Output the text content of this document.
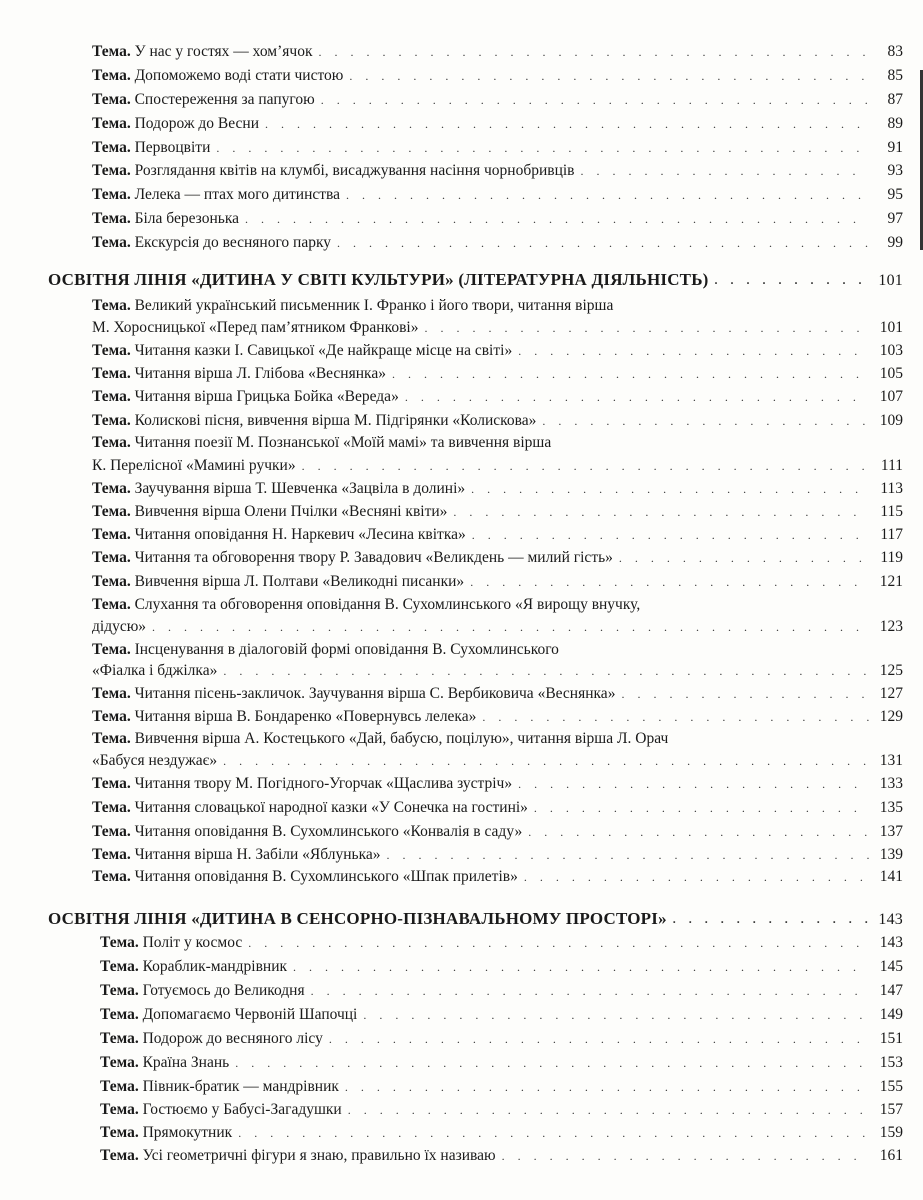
Тема. У нас у гостях — хом’ячок . . .	83
Тема. Допоможемо воді стати чистою . . .	85
Тема. Спостереження за папугою . . .	87
Тема. Подорож до Весни . . .	89
Тема. Первоцвіти . . .	91
Тема. Розглядання квітів на клумбі, висаджування насіння чорнобривців . . .	93
Тема. Лелека — птах мого дитинства . . .	95
Тема. Біла березонька . . .	97
Тема. Екскурсія до весняного парку . . .	99
ОСВІТНЯ ЛІНІЯ «ДИТИНА У СВІТІ КУЛЬТУРИ» (ЛІТЕРАТУРНА ДІЯЛЬНІСТЬ) . . .	101
Тема. Великий український письменник І. Франко і його твори, читання вірша
М. Хоросницької «Перед пам’ятником Франкові» . . .	101
Тема. Читання казки І. Савицької «Де найкраще місце на світі» . . .	103
Тема. Читання вірша Л. Глібова «Веснянка» . . .	105
Тема. Читання вірша Грицька Бойка «Вереда» . . .	107
Тема. Колискові пісня, вивчення вірша М. Підгірянки «Колискова» . . .	109
Тема. Читання поезії М. Познанської «Моїй мамі» та вивчення вірша
К. Перелісної «Мамині ручки» . . .	111
Тема. Заучування вірша Т. Шевченка «Зацвіла в долині» . . .	113
Тема. Вивчення вірша Олени Пчілки «Весняні квіти» . . .	115
Тема. Читання оповідання Н. Наркевич «Лесина квітка» . . .	117
Тема. Читання та обговорення твору Р. Завадович «Великдень — милий гість» . . .	119
Тема. Вивчення вірша Л. Полтави «Великодні писанки» . . .	121
Тема. Слухання та обговорення оповідання В. Сухомлинського «Я вирощу внучку,
дідусю» . . .	123
Тема. Інсценування в діалоговій формі оповідання В. Сухомлинського
«Фіалка і бджілка» . . .	125
Тема. Читання пісень-закличок. Заучування вірша С. Вербиковича «Веснянка» . . .	127
Тема. Читання вірша В. Бондаренко «Повернувсь лелека» . . .	129
Тема. Вивчення вірша А. Костецького «Дай, бабусю, поцілую», читання вірша Л. Орач
«Бабуся нездужає» . . .	131
Тема. Читання твору М. Погідного-Угорчак «Щаслива зустріч» . . .	133
Тема. Читання словацької народної казки «У Сонечка на гостині» . . .	135
Тема. Читання оповідання В. Сухомлинського «Конвалія в саду» . . .	137
Тема. Читання вірша Н. Забіли «Яблунька» . . .	139
Тема. Читання оповідання В. Сухомлинського «Шпак прилетів» . . .	141
ОСВІТНЯ ЛІНІЯ «ДИТИНА В СЕНСОРНО-ПІЗНАВАЛЬНОМУ ПРОСТОРІ» . . .	143
Тема. Політ у космос . . .	143
Тема. Кораблик-мандрівник . . .	145
Тема. Готуємось до Великодня . . .	147
Тема. Допомагаємо Червоній Шапочці . . .	149
Тема. Подорож до весняного лісу . . .	151
Тема. Країна Знань . . .	153
Тема. Півник-братик — мандрівник . . .	155
Тема. Гостюємо у Бабусі-Загадушки . . .	157
Тема. Прямокутник . . .	159
Тема. Усі геометричні фігури я знаю, правильно їх називаю . . .	161
